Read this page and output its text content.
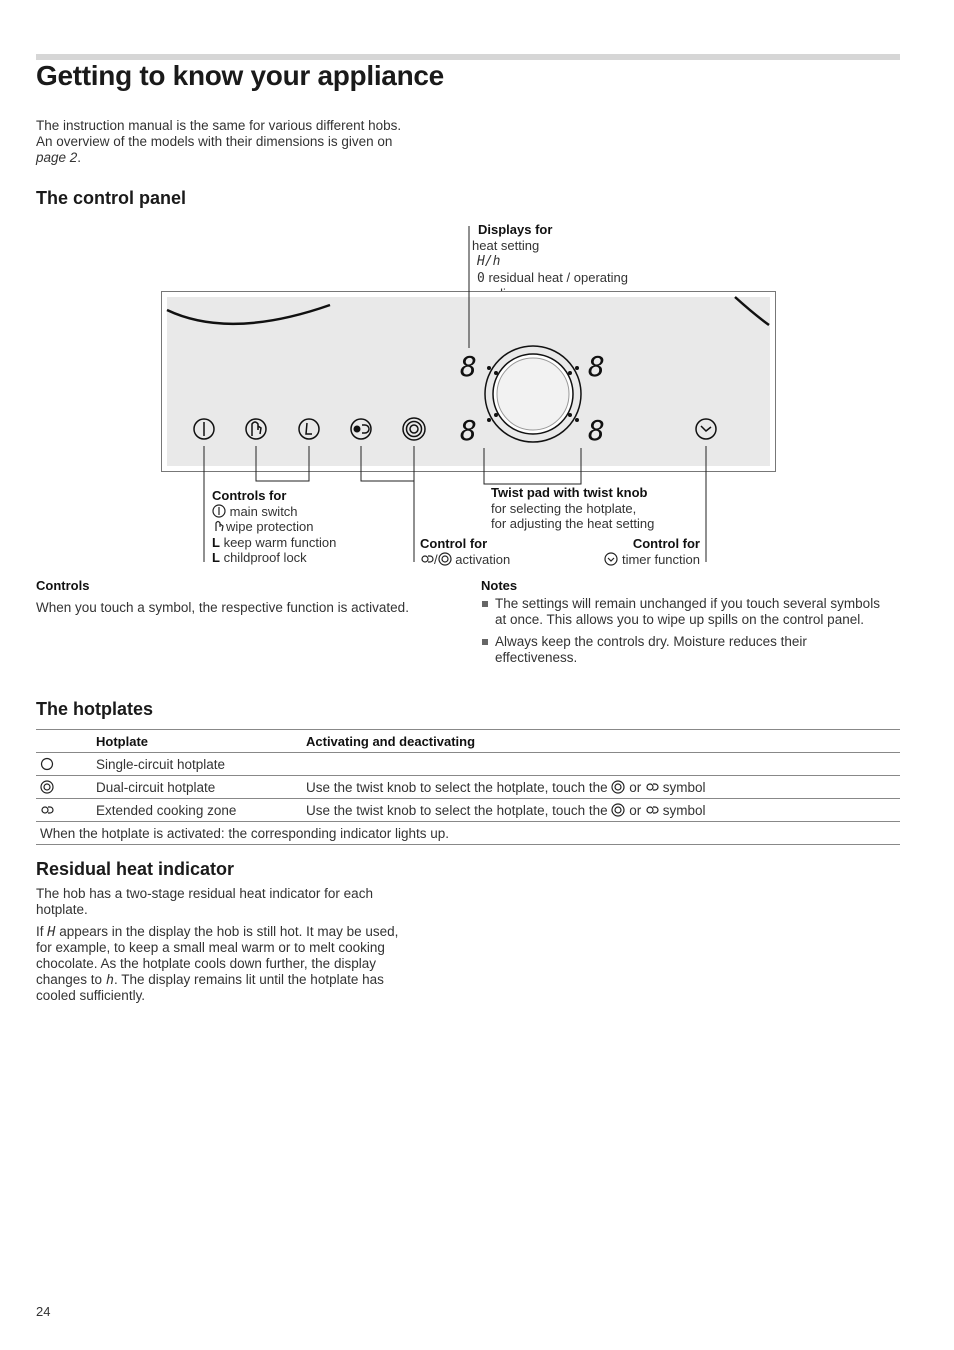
Getting to know your appliance
The instruction manual is the same for various different hobs.
An overview of the models with their dimensions is given on
page 2.
The control panel
Displays for
heat setting
H/h
0 residual heat / operating
8	8
8	8
Controls for
main switch
wipe protection
L keep warm function
L childproof lock
Twist pad with twist knob
for selecting the hotplate,
for adjusting the heat setting
Control for
/ activation
Control for
timer function
Controls
When you touch a symbol, the respective function is activated.
Notes
The settings will remain unchanged if you touch several symbols at once. This allows you to wipe up spills on the control panel.
Always keep the controls dry. Moisture reduces their effectiveness.
The hotplates
	Hotplate	Activating and deactivating
	Single-circuit hotplate	
	Dual-circuit hotplate	Use the twist knob to select the hotplate, touch the or symbol
	Extended cooking zone	Use the twist knob to select the hotplate, touch the or symbol
When the hotplate is activated: the corresponding indicator lights up.		
Residual heat indicator
The hob has a two-stage residual heat indicator for each
hotplate.
If H appears in the display the hob is still hot. It may be used,
for example, to keep a small meal warm or to melt cooking
chocolate. As the hotplate cools down further, the display
changes to h. The display remains lit until the hotplate has
cooled sufficiently.
24
